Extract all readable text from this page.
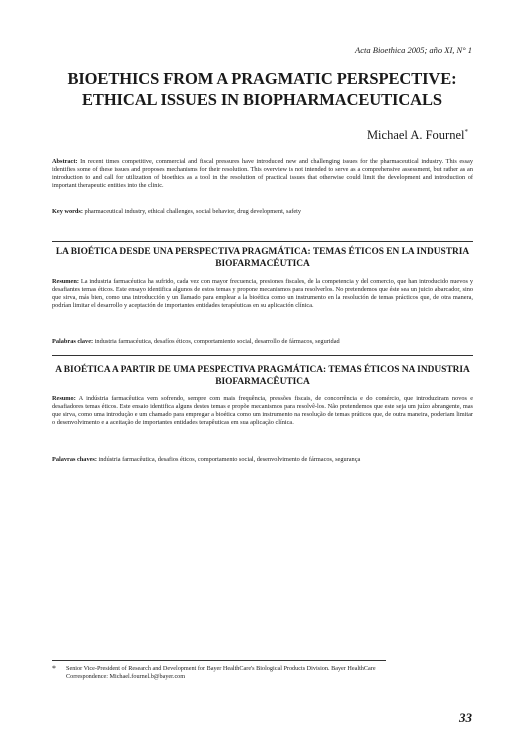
Acta Bioethica 2005; año XI, N° 1
BIOETHICS FROM A PRAGMATIC PERSPECTIVE:
ETHICAL ISSUES IN BIOPHARMACEUTICALS
Michael A. Fournel*
Abstract: In recent times competitive, commercial and fiscal pressures have introduced new and challenging issues for the pharmaceutical industry. This essay identifies some of these issues and proposes mechanisms for their resolution. This overview is not intended to serve as a comprehensive assessment, but rather as an introduction to and call for utilization of bioethics as a tool in the resolution of practical issues that otherwise could limit the development and introduction of important therapeutic entities into the clinic.
Key words: pharmaceutical industry, ethical challenges, social behavior, drug development, safety
LA BIOÉTICA DESDE UNA PERSPECTIVA PRAGMÁTICA: TEMAS ÉTICOS EN LA INDUSTRIA BIOFARMACÉUTICA
Resumen: La industria farmacéutica ha sufrido, cada vez con mayor frecuencia, presiones fiscales, de la competencia y del comercio, que han introducido nuevos y desafiantes temas éticos. Este ensayo identifica algunos de estos temas y propone mecanismos para resolverlos. No pretendemos que éste sea un juicio abarcador, sino que sirva, más bien, como una introducción y un llamado para emplear a la bioética como un instrumento en la resolución de temas prácticos que, de otra manera, podrían limitar el desarrollo y aceptación de importantes entidades terapéuticas en su aplicación clínica.
Palabras clave: industria farmacéutica, desafíos éticos, comportamiento social, desarrollo de fármacos, seguridad
A BIOÉTICA A PARTIR DE UMA PESPECTIVA PRAGMÁTICA: TEMAS ÉTICOS NA INDUSTRIA BIOFARMACÊUTICA
Resumo: A indústria farmacêutica vem sofrendo, sempre com mais frequência, pressões fiscais, de concorrência e do comércio, que introduziram novos e desafiadores temas éticos. Este ensaio identifica alguns destes temas e propõe mecanismos para resolvê-los. Não pretendemos que este seja um juízo abrangente, mas que sirva, como uma introdução e um chamado para empregar a bioética como um instrumento na resolução de temas práticos que, de outra maneira, poderiam limitar o desenvolvimento e a aceitação de importantes entidades terapêuticas em sua aplicação clínica.
Palavras chaves: indústria farmacêutica, desafios éticos, comportamento social, desenvolvimento de fármacos, segurança
*	Senior Vice-President of Research and Development for Bayer HealthCare's Biological Products Division. Bayer HealthCare
Correspondence: Michael.fournel.b@bayer.com
33
